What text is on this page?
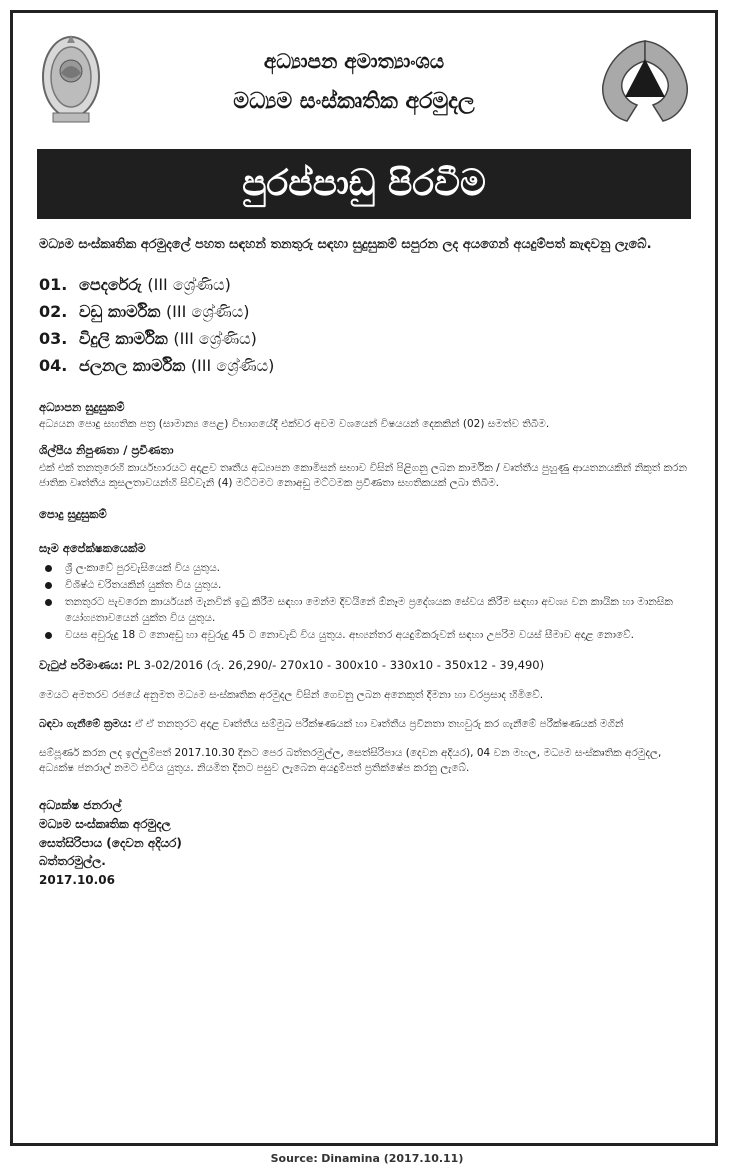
අධ්‍යාපන අමාත්‍යාංශය
මධ්‍යම සංස්කෘතික අරමුදල
පුරප්පාඩු පිරවීම

මධ්‍යම සංස්කෘතික අරමුදලේ පහත සඳහන් තනතුරු සඳහා සුදුසුකම් සපුරන ලද අයගෙන් අයදුම්පත් කැඳවනු ලැබේ.

01. පෙදරේරු (III ශ්‍රේණිය)
02. වඩු කාර්මික (III ශ්‍රේණිය)
03. විදුලි කාර්මික (III ශ්‍රේණිය)
04. ජලනල කාර්මික (III ශ්‍රේණිය)
අධ්‍යාපන සුදුසුකම්

අධ්‍යයන පොදු සහතික පත්‍ර (සාමාන්‍ය පෙළ) විභාගයේදී එක්වර අවම වශයෙන් විෂයයන් දෙකකින් (02) සමත්ව තිබීම.

ශිල්පීය නිපුණතා / ප්‍රවීණතා

එක් එක් තනතුරෙහි කාර්යභාරයට අදාළව තෘතීය අධ්‍යාපන කොමිසන් සභාව විසින් පිළිගනු ලබන කාර්මික / වෘත්තීය පුහුණු ආයතනයකින් නිකුත් කරන ජාතික වෘත්තීය කුසලතාවයන්හි සිව්වැනි (4) මට්ටමට නොඅඩු මට්ටමක ප්‍රවීණතා සහතිකයක් ලබා තිබීම.

පොදු සුදුසුකම්
සෑම අපේක්ෂකයෙක්ම
ශ්‍රී ලංකාවේ පුරවැසියෙක් විය යුතුය.
විශිෂ්ඨ චරිතයකින් යුක්ත විය යුතුය.
තනතුරට පැවරෙන කාර්යයන් මැනවින් ඉටු කිරීම සඳහා මෙන්ම දිවයිනේ ඕනෑම ප්‍රදේශයක සේවය කිරීම සඳහා අවශ්‍ය වන කායික හා මානසික යෝග්‍යතාවයෙන් යුක්ත විය යුතුය.
වයස අවුරුදු 18 ට නොඅඩු හා අවුරුදු 45 ට නොවැඩි විය යුතුය. අභ්‍යන්තර අයදුම්කරුවන් සඳහා උපරිම වයස් සීමාව අදාළ නොවේ.

වැටුප් පරිමාණය: PL 3-02/2016 (රු. 26,290/- 270x10 - 300x10 - 330x10 - 350x12 - 39,490)

මෙයට අමතරව රජයේ අනුමත මධ්‍යම සංස්කෘතික අරමුදල විසින් ගෙවනු ලබන අනෙකුත් දීමනා හා වරප්‍රසාද හිමිවේ.

බඳවා ගැනීමේ ක්‍රමය: ඒ ඒ තනතුරට අදාළ වෘත්තීය සම්මුඛ පරීක්ෂණයක් හා වෘත්තීය ප්‍රවීනතා තහවුරු කර ගැනීමේ පරීක්ෂණයක් මගින්

සම්පූර්ණ කරන ලද ඉල්ලුම්පත් 2017.10.30 දිනට පෙර බත්තරමුල්ල, සෙත්සිරිපාය (දෙවන අදියර), 04 වන මහල, මධ්‍යම සංස්කෘතික අරමුදල, අධ්‍යක්ෂ ජනරාල් නමට එවිය යුතුය. නියමිත දිනට පසුව ලැබෙන අයදුම්පත් ප්‍රතික්ෂේප කරනු ලැබේ.

අධ්‍යක්ෂ ජනරාල්
මධ්‍යම සංස්කෘතික අරමුදල
සෙත්සිරිපාය (දෙවන අදියර)
බත්තරමුල්ල.
2017.10.06
Source: Dinamina (2017.10.11)
